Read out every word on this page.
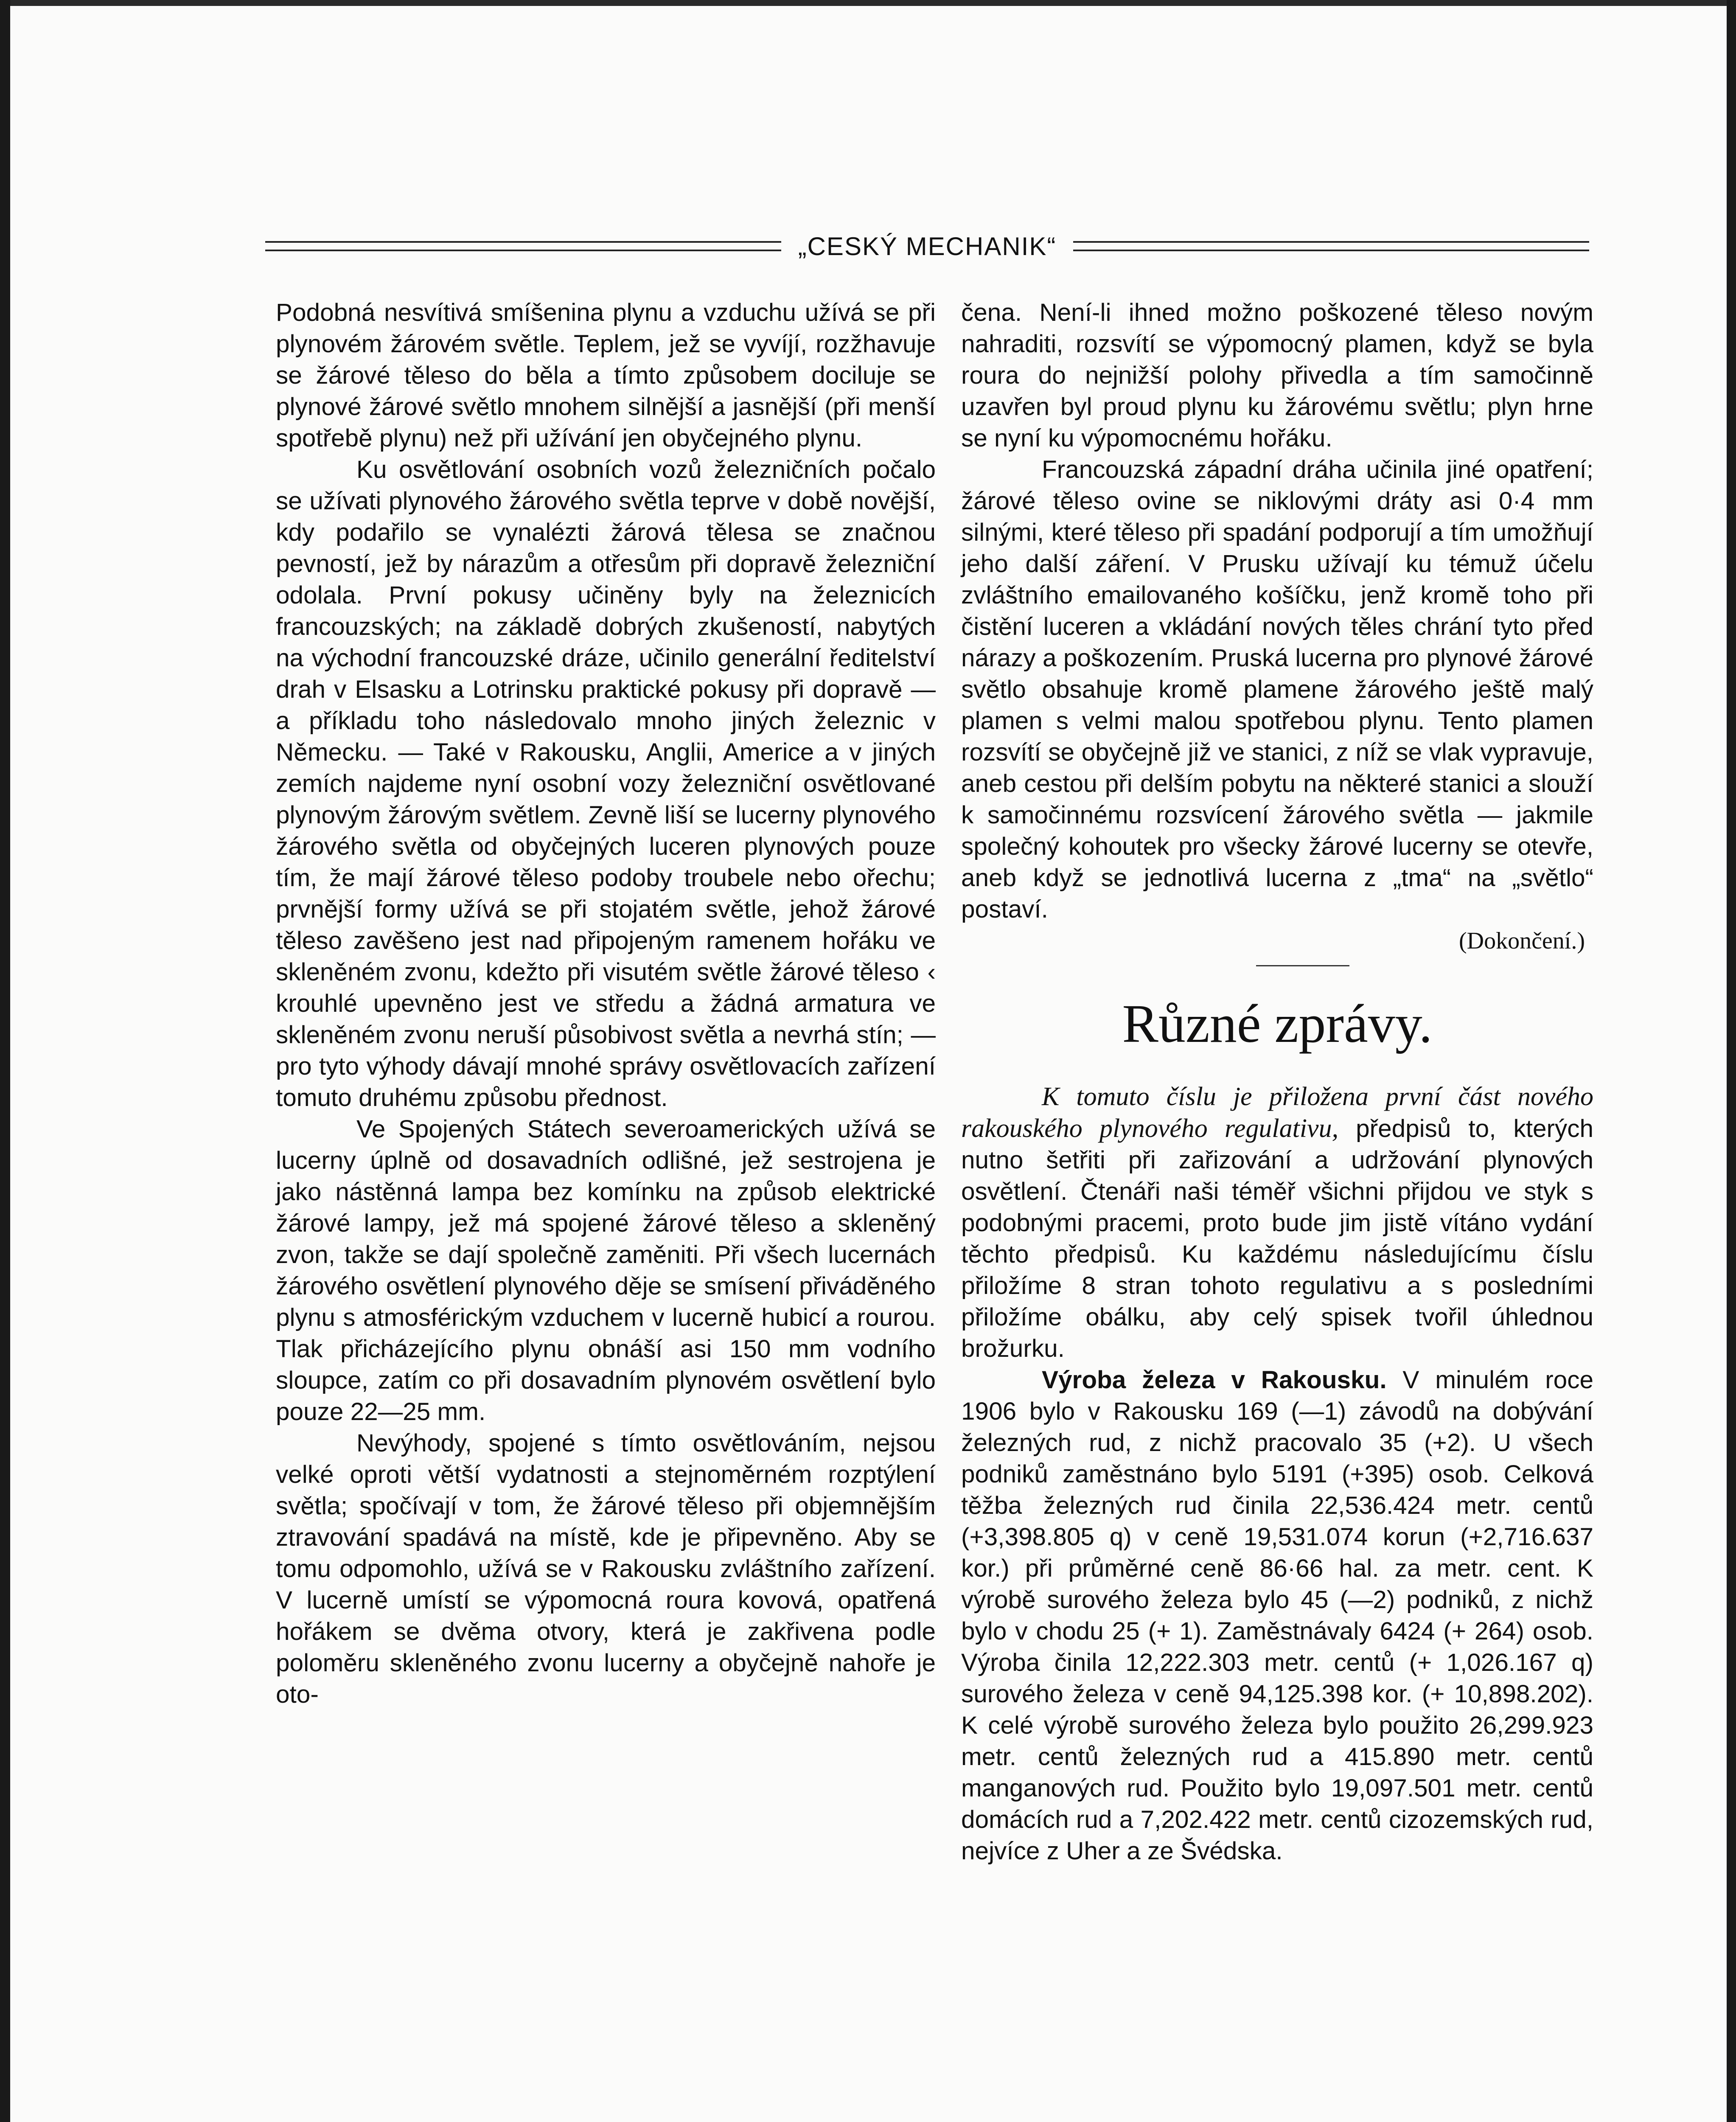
„CESKÝ MECHANIK“

Podobná nesvítivá smíšenina plynu a vzduchu užívá se při plynovém žárovém světle. Teplem, jež se vyvíjí, rozžhavuje se žárové těleso do běla a tímto způsobem dociluje se plynové žárové světlo mnohem silnější a jasnější (při menší spotřebě plynu) než při užívání jen obyčejného plynu.

Ku osvětlování osobních vozů železničních počalo se užívati plynového žárového světla teprve v době novější, kdy podařilo se vynalézti žárová tělesa se značnou pevností, jež by nárazům a otřesům při dopravě železniční odolala. První pokusy učiněny byly na železnicích francouzských; na základě dobrých zkušeností, nabytých na východní francouzské dráze, učinilo generální ředitelství drah v Elsasku a Lotrinsku praktické pokusy při dopravě — a příkladu toho následovalo mnoho jiných železnic v Německu. — Také v Rakousku, Anglii, Americe a v jiných zemích najdeme nyní osobní vozy železniční osvětlované plynovým žárovým světlem. Zevně liší se lucerny plynového žárového světla od obyčejných luceren plynových pouze tím, že mají žárové těleso podoby troubele nebo ořechu; prvnější formy užívá se při stojatém světle, jehož žárové těleso zavěšeno jest nad připojeným ramenem hořáku ve skleněném zvonu, kdežto při visutém světle žárové těleso ‹ krouhlé upevněno jest ve středu a žádná armatura ve skleněném zvonu neruší působivost světla a nevrhá stín; — pro tyto výhody dávají mnohé správy osvětlovacích zařízení tomuto druhému způsobu přednost.

Ve Spojených Státech severoamerických užívá se lucerny úplně od dosavadních odlišné, jež sestrojena je jako nástěnná lampa bez komínku na způsob elektrické žárové lampy, jež má spojené žárové těleso a skleněný zvon, takže se dají společně zaměniti. Při všech lucernách žárového osvětlení plynového děje se smísení přiváděného plynu s atmosférickým vzduchem v lucerně hubicí a rourou. Tlak přicházejícího plynu obnáší asi 150 mm vodního sloupce, zatím co při dosavadním plynovém osvětlení bylo pouze 22—25 mm.

Nevýhody, spojené s tímto osvětlováním, nejsou velké oproti větší vydatnosti a stejnoměrném rozptýlení světla; spočívají v tom, že žárové těleso při objemnějším ztravování spadává na místě, kde je připevněno. Aby se tomu odpomohlo, užívá se v Rakousku zvláštního zařízení. V lucerně umístí se výpomocná roura kovová, opatřená hořákem se dvěma otvory, která je zakřivena podle poloměru skleněného zvonu lucerny a obyčejně nahoře je oto-

čena. Není-li ihned možno poškozené těleso novým nahraditi, rozsvítí se výpomocný plamen, když se byla roura do nejnižší polohy přivedla a tím samočinně uzavřen byl proud plynu ku žárovému světlu; plyn hrne se nyní ku výpomocnému hořáku.

Francouzská západní dráha učinila jiné opatření; žárové těleso ovine se niklovými dráty asi 0·4 mm silnými, které těleso při spadání podporují a tím umožňují jeho další záření. V Prusku užívají ku témuž účelu zvláštního emailovaného košíčku, jenž kromě toho při čistění luceren a vkládání nových těles chrání tyto před nárazy a poškozením. Pruská lucerna pro plynové žárové světlo obsahuje kromě plamene žárového ještě malý plamen s velmi malou spotřebou plynu. Tento plamen rozsvítí se obyčejně již ve stanici, z níž se vlak vypravuje, aneb cestou při delším pobytu na některé stanici a slouží k samočinnému rozsvícení žárového světla — jakmile společný kohoutek pro všecky žárové lucerny se otevře, aneb když se jednotlivá lucerna z „tma“ na „světlo“ postaví.

(Dokončení.)
Různé zprávy.

K tomuto číslu je přiložena první část nového rakouského plynového regulativu, předpisů to, kterých nutno šetřiti při zařizování a udržování plynových osvětlení. Čtenáři naši téměř všichni přijdou ve styk s podobnými pracemi, proto bude jim jistě vítáno vydání těchto předpisů. Ku každému následujícímu číslu přiložíme 8 stran tohoto regulativu a s posledními přiložíme obálku, aby celý spisek tvořil úhlednou brožurku.

Výroba železa v Rakousku. V minulém roce 1906 bylo v Rakousku 169 (—1) závodů na dobývání železných rud, z nichž pracovalo 35 (+2). U všech podniků zaměstnáno bylo 5191 (+395) osob. Celková těžba železných rud činila 22,536.424 metr. centů (+3,398.805 q) v ceně 19,531.074 korun (+2,716.637 kor.) při průměrné ceně 86·66 hal. za metr. cent. K výrobě surového železa bylo 45 (—2) podniků, z nichž bylo v chodu 25 (+ 1). Zaměstnávaly 6424 (+ 264) osob. Výroba činila 12,222.303 metr. centů (+ 1,026.167 q) surového železa v ceně 94,125.398 kor. (+ 10,898.202). K celé výrobě surového železa bylo použito 26,299.923 metr. centů železných rud a 415.890 metr. centů manganových rud. Použito bylo 19,097.501 metr. centů domácích rud a 7,202.422 metr. centů cizozemských rud, nejvíce z Uher a ze Švédska.
